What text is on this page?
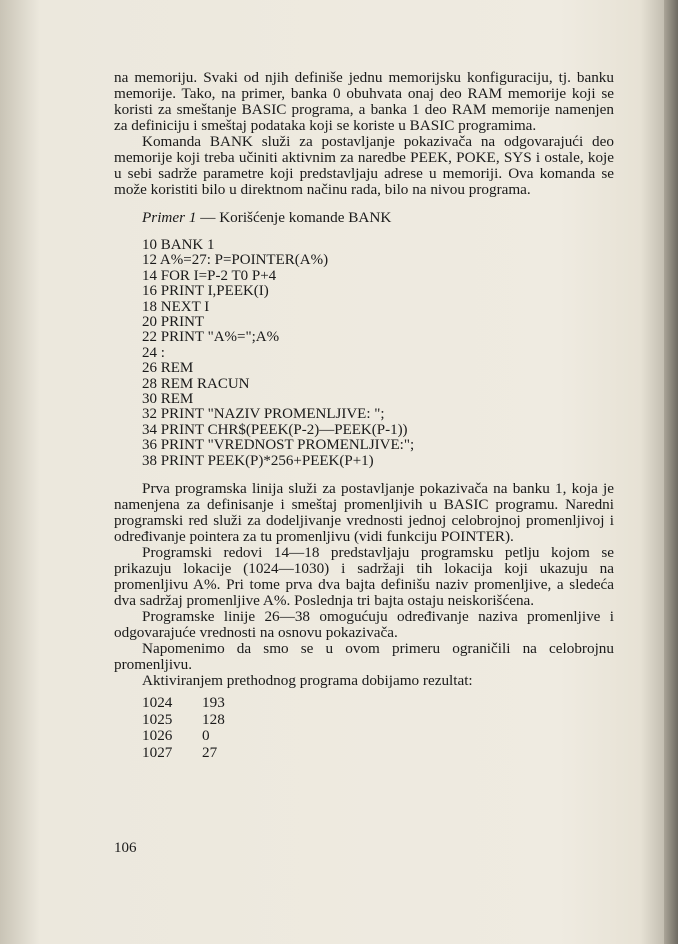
na memoriju. Svaki od njih definiše jednu memorijsku konfiguraciju, tj. banku memorije. Tako, na primer, banka 0 obuhvata onaj deo RAM memorije koji se koristi za smeštanje BASIC programa, a banka 1 deo RAM memorije namenjen za definiciju i smeštaj podataka koji se koriste u BASIC programima.

Komanda BANK služi za postavljanje pokazivača na odgovarajući deo memorije koji treba učiniti aktivnim za naredbe PEEK, POKE, SYS i ostale, koje u sebi sadrže parametre koji predstavljaju adrese u memoriji. Ova komanda se može koristiti bilo u direktnom načinu rada, bilo na nivou programa.

Primer 1 — Korišćenje komande BANK

10 BANK 1
12 A%=27: P=POINTER(A%)
14 FOR I=P-2 T0 P+4
16 PRINT I,PEEK(I)
18 NEXT I
20 PRINT
22 PRINT "A%=";A%
24 :
26 REM
28 REM RACUN
30 REM
32 PRINT "NAZIV PROMENLJIVE: ";
34 PRINT CHR$(PEEK(P-2)—PEEK(P-1))
36 PRINT "VREDNOST PROMENLJIVE:";
38 PRINT PEEK(P)*256+PEEK(P+1)

Prva programska linija služi za postavljanje pokazivača na banku 1, koja je namenjena za definisanje i smeštaj promenljivih u BASIC programu. Naredni programski red služi za dodeljivanje vrednosti jednoj celobrojnoj promenljivoj i određivanje pointera za tu promenljivu (vidi funkciju POINTER).

Programski redovi 14—18 predstavljaju programsku petlju kojom se prikazuju lokacije (1024—1030) i sadržaji tih lokacija koji ukazuju na promenljivu A%. Pri tome prva dva bajta definišu naziv promenljive, a sledeća dva sadržaj promenljive A%. Poslednja tri bajta ostaju neiskorišćena.

Programske linije 26—38 omogućuju određivanje naziva promenljive i odgovarajuće vrednosti na osnovu pokazivača.

Napomenimo da smo se u ovom primeru ograničili na celobrojnu promenljivu.

Aktiviranjem prethodnog programa dobijamo rezultat:

1024	193
1025	128
1026	0
1027	27
106
